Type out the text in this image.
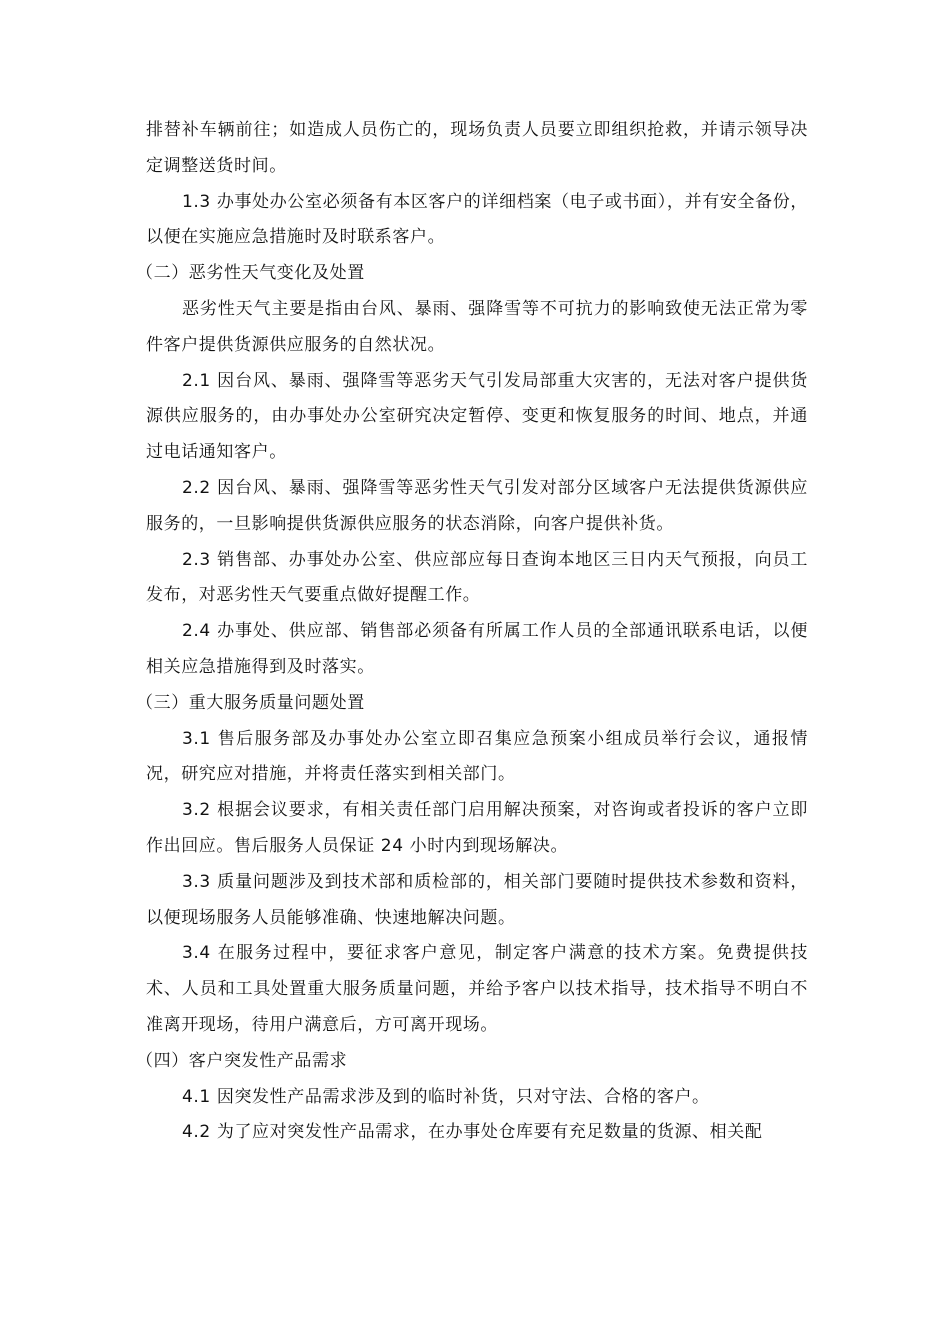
排替补车辆前往；如造成人员伤亡的，现场负责人员要立即组织抢救，并请示领导决定调整送货时间。

1.3 办事处办公室必须备有本区客户的详细档案（电子或书面），并有安全备份，以便在实施应急措施时及时联系客户。

（二）恶劣性天气变化及处置

恶劣性天气主要是指由台风、暴雨、强降雪等不可抗力的影响致使无法正常为零件客户提供货源供应服务的自然状况。

2.1 因台风、暴雨、强降雪等恶劣天气引发局部重大灾害的，无法对客户提供货源供应服务的，由办事处办公室研究决定暂停、变更和恢复服务的时间、地点，并通过电话通知客户。

2.2 因台风、暴雨、强降雪等恶劣性天气引发对部分区域客户无法提供货源供应服务的，一旦影响提供货源供应服务的状态消除，向客户提供补货。

2.3 销售部、办事处办公室、供应部应每日查询本地区三日内天气预报，向员工发布，对恶劣性天气要重点做好提醒工作。

2.4 办事处、供应部、销售部必须备有所属工作人员的全部通讯联系电话，以便相关应急措施得到及时落实。

（三）重大服务质量问题处置

3.1 售后服务部及办事处办公室立即召集应急预案小组成员举行会议，通报情况，研究应对措施，并将责任落实到相关部门。

3.2 根据会议要求，有相关责任部门启用解决预案，对咨询或者投诉的客户立即作出回应。售后服务人员保证 24 小时内到现场解决。

3.3 质量问题涉及到技术部和质检部的，相关部门要随时提供技术参数和资料，以便现场服务人员能够准确、快速地解决问题。

3.4 在服务过程中，要征求客户意见，制定客户满意的技术方案。免费提供技术、人员和工具处置重大服务质量问题，并给予客户以技术指导，技术指导不明白不准离开现场，待用户满意后，方可离开现场。

（四）客户突发性产品需求

4.1 因突发性产品需求涉及到的临时补货，只对守法、合格的客户。

4.2 为了应对突发性产品需求，在办事处仓库要有充足数量的货源、相关配
